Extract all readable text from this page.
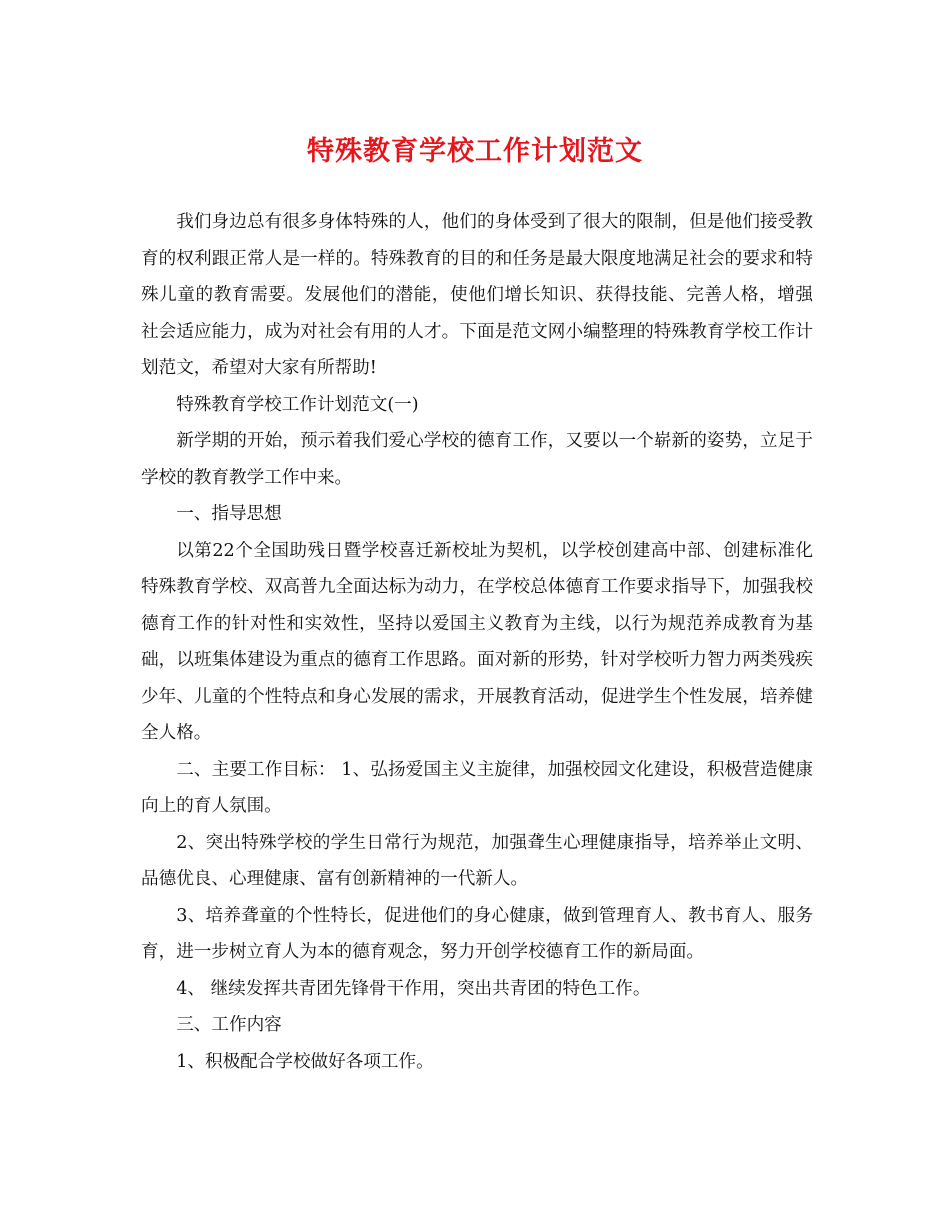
特殊教育学校工作计划范文

我们身边总有很多身体特殊的人，他们的身体受到了很大的限制，但是他们接受教育的权利跟正常人是一样的。特殊教育的目的和任务是最大限度地满足社会的要求和特殊儿童的教育需要。发展他们的潜能，使他们增长知识、获得技能、完善人格，增强 社会适应能力，成为对社会有用的人才。下面是范文网小编整理的特殊教育学校工作计划范文，希望对大家有所帮助!

特殊教育学校工作计划范文(一)

新学期的开始，预示着我们爱心学校的德育工作，又要以一个崭新的姿势，立足于学校的教育教学工作中来。

一、指导思想

以第22个全国助残日暨学校喜迁新校址为契机，以学校创建高中部、创建标准化特殊教育学校、双高普九全面达标为动力，在学校总体德育工作要求指导下，加强我校德育工作的针对性和实效性，坚持以爱国主义教育为主线，以行为规范养成教育为基础，以班集体建设为重点的德育工作思路。面对新的形势，针对学校听力智力两类残疾少年、儿童的个性特点和身心发展的需求，开展教育活动，促进学生个性发展，培养健全人格。

二、主要工作目标： 1、弘扬爱国主义主旋律，加强校园文化建设，积极营造健康向上的育人氛围。

2、突出特殊学校的学生日常行为规范，加强聋生心理健康指导，培养举止文明、品德优良、心理健康、富有创新精神的一代新人。

3、培养聋童的个性特长，促进他们的身心健康，做到管理育人、教书育人、服务育，进一步树立育人为本的德育观念，努力开创学校德育工作的新局面。

4、 继续发挥共青团先锋骨干作用，突出共青团的特色工作。

三、工作内容

1、积极配合学校做好各项工作。
